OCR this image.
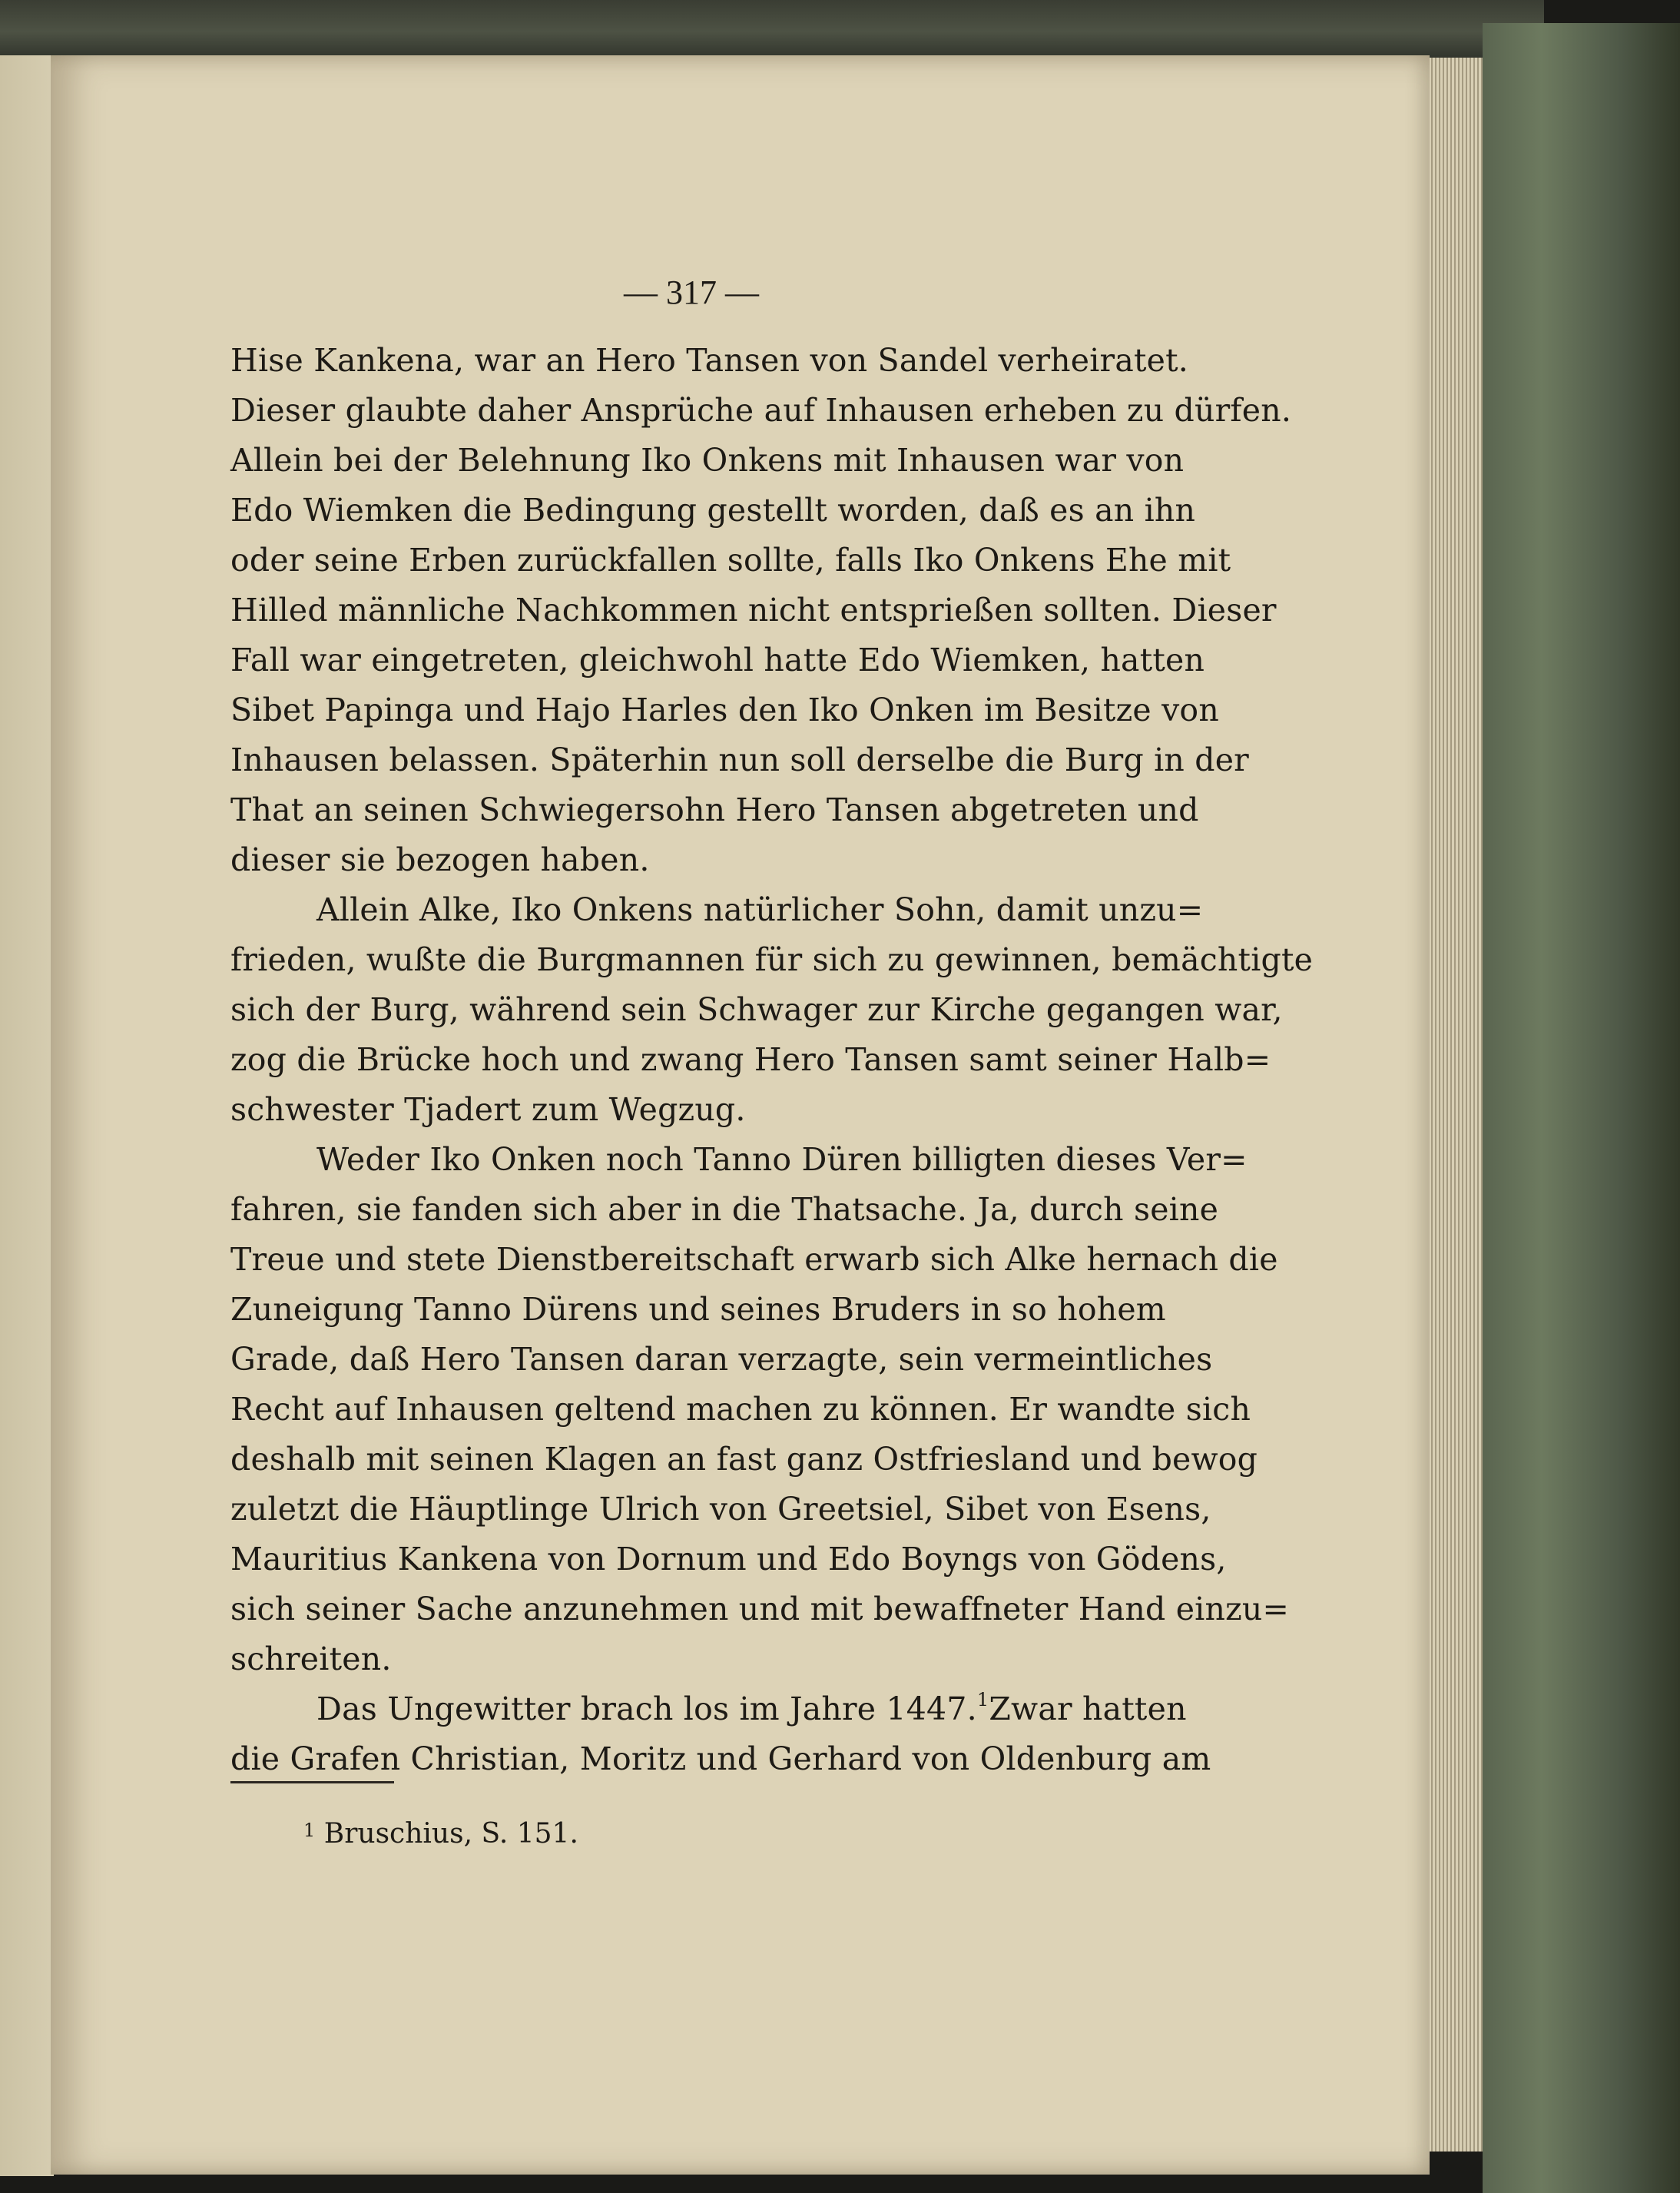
— 317 —
Hise Kankena, war an Hero Tansen von Sandel verheiratet.
Dieser glaubte daher Ansprüche auf Inhausen erheben zu dürfen.
Allein bei der Belehnung Iko Onkens mit Inhausen war von
Edo Wiemken die Bedingung gestellt worden, daß es an ihn
oder seine Erben zurückfallen sollte, falls Iko Onkens Ehe mit
Hilled männliche Nachkommen nicht entsprießen sollten. Dieser
Fall war eingetreten, gleichwohl hatte Edo Wiemken, hatten
Sibet Papinga und Hajo Harles den Iko Onken im Besitze von
Inhausen belassen. Späterhin nun soll derselbe die Burg in der
That an seinen Schwiegersohn Hero Tansen abgetreten und
dieser sie bezogen haben.
Allein Alke, Iko Onkens natürlicher Sohn, damit unzu=
frieden, wußte die Burgmannen für sich zu gewinnen, bemächtigte
sich der Burg, während sein Schwager zur Kirche gegangen war,
zog die Brücke hoch und zwang Hero Tansen samt seiner Halb=
schwester Tjadert zum Wegzug.
Weder Iko Onken noch Tanno Düren billigten dieses Ver=
fahren, sie fanden sich aber in die Thatsache. Ja, durch seine
Treue und stete Dienstbereitschaft erwarb sich Alke hernach die
Zuneigung Tanno Dürens und seines Bruders in so hohem
Grade, daß Hero Tansen daran verzagte, sein vermeintliches
Recht auf Inhausen geltend machen zu können. Er wandte sich
deshalb mit seinen Klagen an fast ganz Ostfriesland und bewog
zuletzt die Häuptlinge Ulrich von Greetsiel, Sibet von Esens,
Mauritius Kankena von Dornum und Edo Boyngs von Gödens,
sich seiner Sache anzunehmen und mit bewaffneter Hand einzu=
schreiten.
Das Ungewitter brach los im Jahre 1447.$^1$ Zwar hatten
die Grafen Christian, Moritz und Gerhard von Oldenburg am
$^1$ Bruschius, S. 151.
